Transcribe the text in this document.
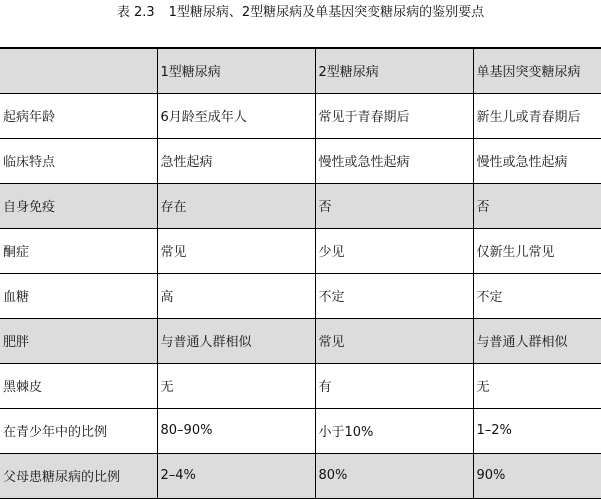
表 2.3 1型糖尿病、2型糖尿病及单基因突变糖尿病的鉴别要点
	1型糖尿病	2型糖尿病	单基因突变糖尿病
起病年龄	6月龄至成年人	常见于青春期后	新生儿或青春期后
临床特点	急性起病	慢性或急性起病	慢性或急性起病
自身免疫	存在	否	否
酮症	常见	少见	仅新生儿常见
血糖	高	不定	不定
肥胖	与普通人群相似	常见	与普通人群相似
黑棘皮	无	有	无
在青少年中的比例	80–90%	小于10%	1–2%
父母患糖尿病的比例	2–4%	80%	90%
